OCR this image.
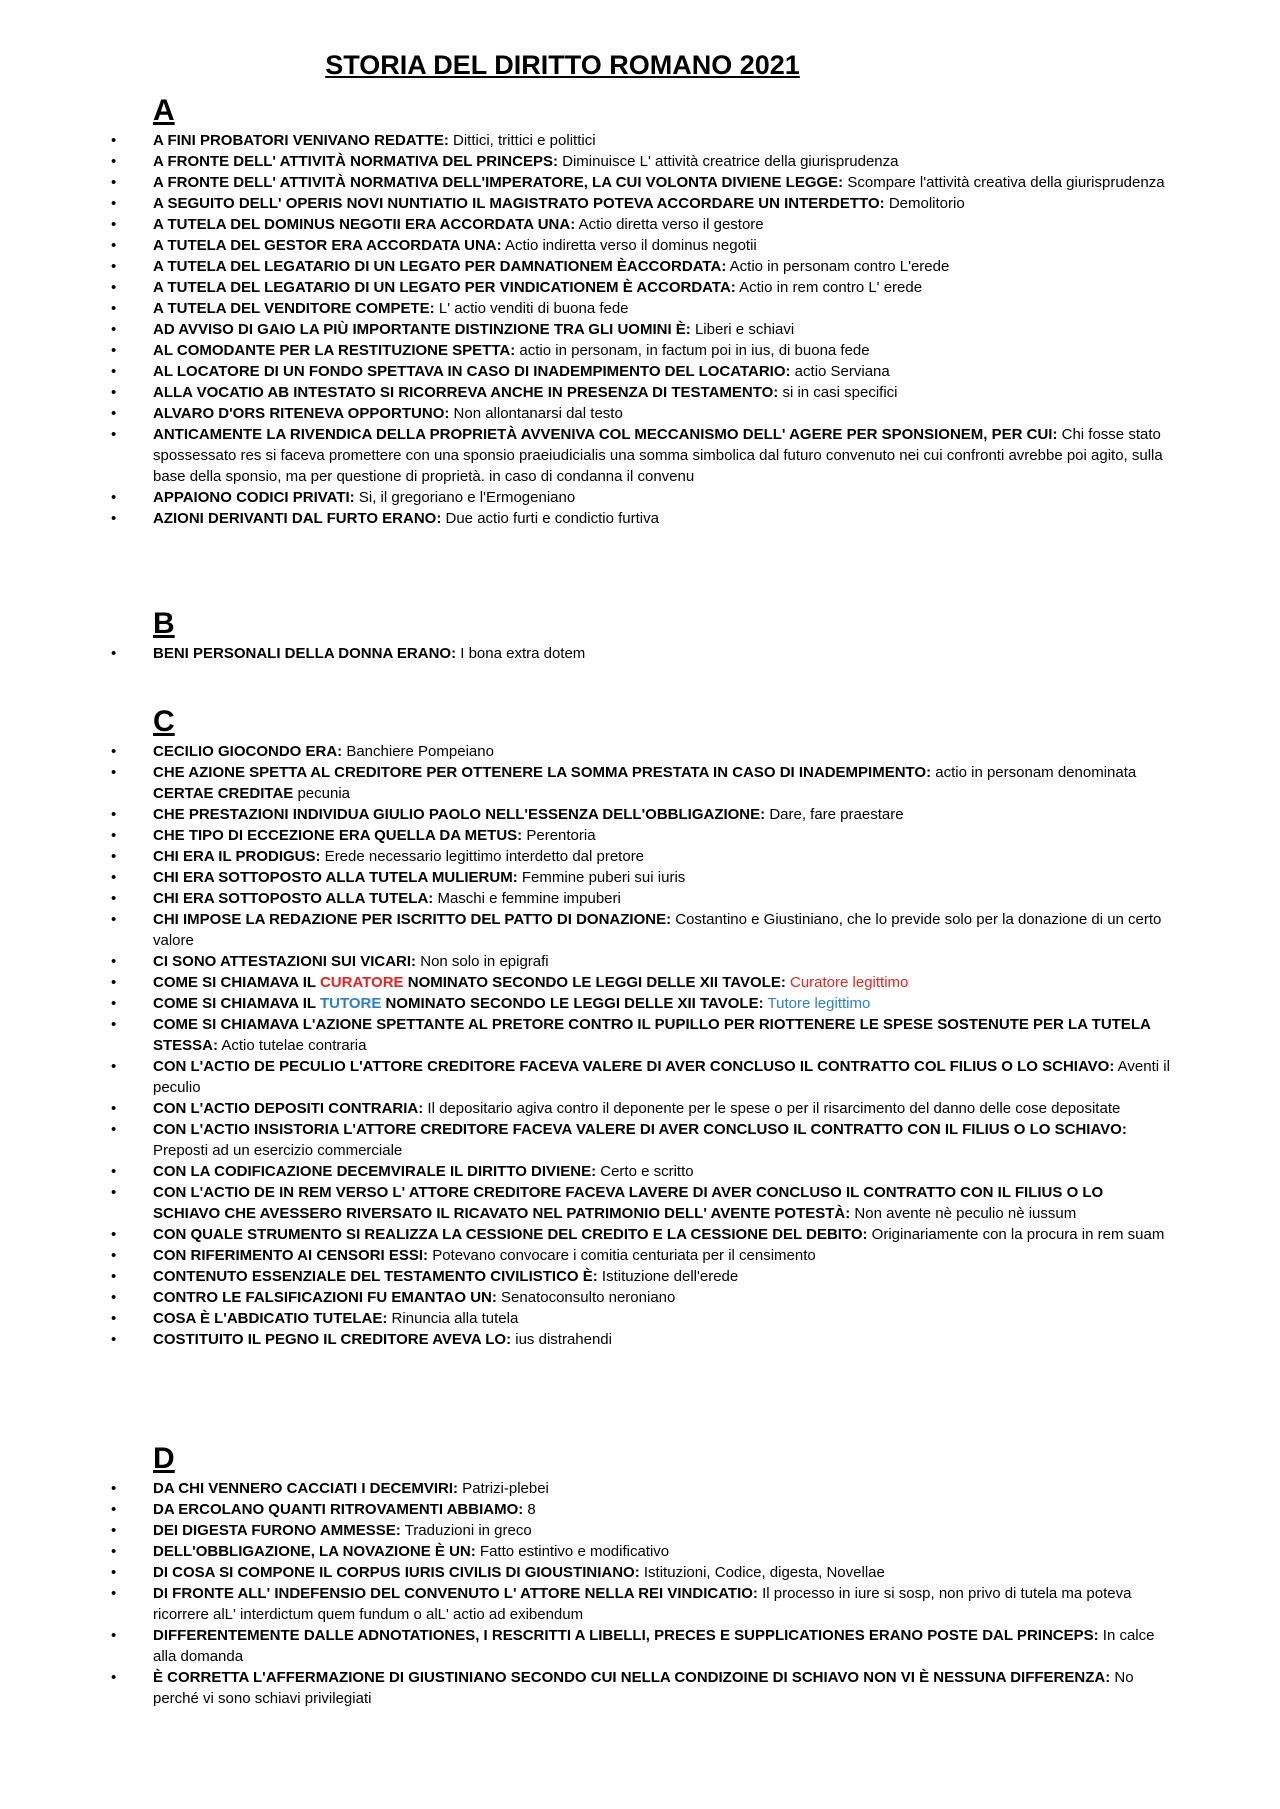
STORIA DEL DIRITTO ROMANO 2021
A
• A FINI PROBATORI VENIVANO REDATTE: Dittici, trittici e polittici
• A FRONTE DELL' ATTIVITÀ NORMATIVA DEL PRINCEPS: Diminuisce L' attività creatrice della giurisprudenza
• A FRONTE DELL' ATTIVITÀ NORMATIVA DELL'IMPERATORE, LA CUI VOLONTA DIVIENE LEGGE: Scompare l'attività creativa della giurisprudenza
• A SEGUITO DELL' OPERIS NOVI NUNTIATIO IL MAGISTRATO POTEVA ACCORDARE UN INTERDETTO: Demolitorio
• A TUTELA DEL DOMINUS NEGOTII ERA ACCORDATA UNA: Actio diretta verso il gestore
• A TUTELA DEL GESTOR ERA ACCORDATA UNA: Actio indiretta verso il dominus negotii
• A TUTELA DEL LEGATARIO DI UN LEGATO PER DAMNATIONEM ÈACCORDATA: Actio in personam contro L'erede
• A TUTELA DEL LEGATARIO DI UN LEGATO PER VINDICATIONEM È ACCORDATA: Actio in rem contro L' erede
• A TUTELA DEL VENDITORE COMPETE: L' actio venditi di buona fede
• AD AVVISO DI GAIO LA PIÙ IMPORTANTE DISTINZIONE TRA GLI UOMINI È: Liberi e schiavi
• AL COMODANTE PER LA RESTITUZIONE SPETTA: actio in personam, in factum poi in ius, di buona fede
• AL LOCATORE DI UN FONDO SPETTAVA IN CASO DI INADEMPIMENTO DEL LOCATARIO: actio Serviana
• ALLA VOCATIO AB INTESTATO SI RICORREVA ANCHE IN PRESENZA DI TESTAMENTO: si in casi specifici
• ALVARO D'ORS RITENEVA OPPORTUNO: Non allontanarsi dal testo
• ANTICAMENTE LA RIVENDICA DELLA PROPRIETÀ AVVENIVA COL MECCANISMO DELL' AGERE PER SPONSIONEM, PER CUI: Chi fosse stato spossessato res si faceva promettere con una sponsio praeiudicialis una somma simbolica dal futuro convenuto nei cui confronti avrebbe poi agito, sulla base della sponsio, ma per questione di proprietà. in caso di condanna il convenu
• APPAIONO CODICI PRIVATI: Si, il gregoriano e l'Ermogeniano
• AZIONI DERIVANTI DAL FURTO ERANO: Due actio furti e condictio furtiva
B
• BENI PERSONALI DELLA DONNA ERANO: I bona extra dotem
C
• CECILIO GIOCONDO ERA: Banchiere Pompeiano
• CHE AZIONE SPETTA AL CREDITORE PER OTTENERE LA SOMMA PRESTATA IN CASO DI INADEMPIMENTO: actio in personam denominata CERTAE CREDITAE pecunia
• CHE PRESTAZIONI INDIVIDUA GIULIO PAOLO NELL'ESSENZA DELL'OBBLIGAZIONE: Dare, fare praestare
• CHE TIPO DI ECCEZIONE ERA QUELLA DA METUS: Perentoria
• CHI ERA IL PRODIGUS: Erede necessario legittimo interdetto dal pretore
• CHI ERA SOTTOPOSTO ALLA TUTELA MULIERUM: Femmine puberi sui iuris
• CHI ERA SOTTOPOSTO ALLA TUTELA: Maschi e femmine impuberi
• CHI IMPOSE LA REDAZIONE PER ISCRITTO DEL PATTO DI DONAZIONE: Costantino e Giustiniano, che lo previde solo per la donazione di un certo valore
• CI SONO ATTESTAZIONI SUI VICARI: Non solo in epigrafi
• COME SI CHIAMAVA IL CURATORE NOMINATO SECONDO LE LEGGI DELLE XII TAVOLE: Curatore legittimo
• COME SI CHIAMAVA IL TUTORE NOMINATO SECONDO LE LEGGI DELLE XII TAVOLE: Tutore legittimo
• COME SI CHIAMAVA L'AZIONE SPETTANTE AL PRETORE CONTRO IL PUPILLO PER RIOTTENERE LE SPESE SOSTENUTE PER LA TUTELA STESSA: Actio tutelae contraria
• CON L'ACTIO DE PECULIO L'ATTORE CREDITORE FACEVA VALERE DI AVER CONCLUSO IL CONTRATTO COL FILIUS O LO SCHIAVO: Aventi il peculio
• CON L'ACTIO DEPOSITI CONTRARIA: Il depositario agiva contro il deponente per le spese o per il risarcimento del danno delle cose depositate
• CON L'ACTIO INSISTORIA L'ATTORE CREDITORE FACEVA VALERE DI AVER CONCLUSO IL CONTRATTO CON IL FILIUS O LO SCHIAVO: Preposti ad un esercizio commerciale
• CON LA CODIFICAZIONE DECEMVIRALE IL DIRITTO DIVIENE: Certo e scritto
• CON L'ACTIO DE IN REM VERSO L' ATTORE CREDITORE FACEVA LAVERE DI AVER CONCLUSO IL CONTRATTO CON IL FILIUS O LO SCHIAVO CHE AVESSERO RIVERSATO IL RICAVATO NEL PATRIMONIO DELL' AVENTE POTESTÀ: Non avente nè peculio nè iussum
• CON QUALE STRUMENTO SI REALIZZA LA CESSIONE DEL CREDITO E LA CESSIONE DEL DEBITO: Originariamente con la procura in rem suam
• CON RIFERIMENTO AI CENSORI ESSI: Potevano convocare i comitia centuriata per il censimento
• CONTENUTO ESSENZIALE DEL TESTAMENTO CIVILISTICO È: Istituzione dell'erede
• CONTRO LE FALSIFICAZIONI FU EMANTAO UN: Senatoconsulto neroniano
• COSA È L'ABDICATIO TUTELAE: Rinuncia alla tutela
• COSTITUITO IL PEGNO IL CREDITORE AVEVA LO: ius distrahendi
D
• DA CHI VENNERO CACCIATI I DECEMVIRI: Patrizi-plebei
• DA ERCOLANO QUANTI RITROVAMENTI ABBIAMO: 8
• DEI DIGESTA FURONO AMMESSE: Traduzioni in greco
• DELL'OBBLIGAZIONE, LA NOVAZIONE È UN: Fatto estintivo e modificativo
• DI COSA SI COMPONE IL CORPUS IURIS CIVILIS DI GIOUSTINIANO: Istituzioni, Codice, digesta, Novellae
• DI FRONTE ALL' INDEFENSIO DEL CONVENUTO L' ATTORE NELLA REI VINDICATIO: Il processo in iure si sosp, non privo di tutela ma poteva ricorrere alL' interdictum quem fundum o alL' actio ad exibendum
• DIFFERENTEMENTE DALLE ADNOTATIONES, I RESCRITTI A LIBELLI, PRECES E SUPPLICATIONES ERANO POSTE DAL PRINCEPS: In calce alla domanda
• È CORRETTA L'AFFERMAZIONE DI GIUSTINIANO SECONDO CUI NELLA CONDIZOINE DI SCHIAVO NON VI È NESSUNA DIFFERENZA: No perché vi sono schiavi privilegiati
